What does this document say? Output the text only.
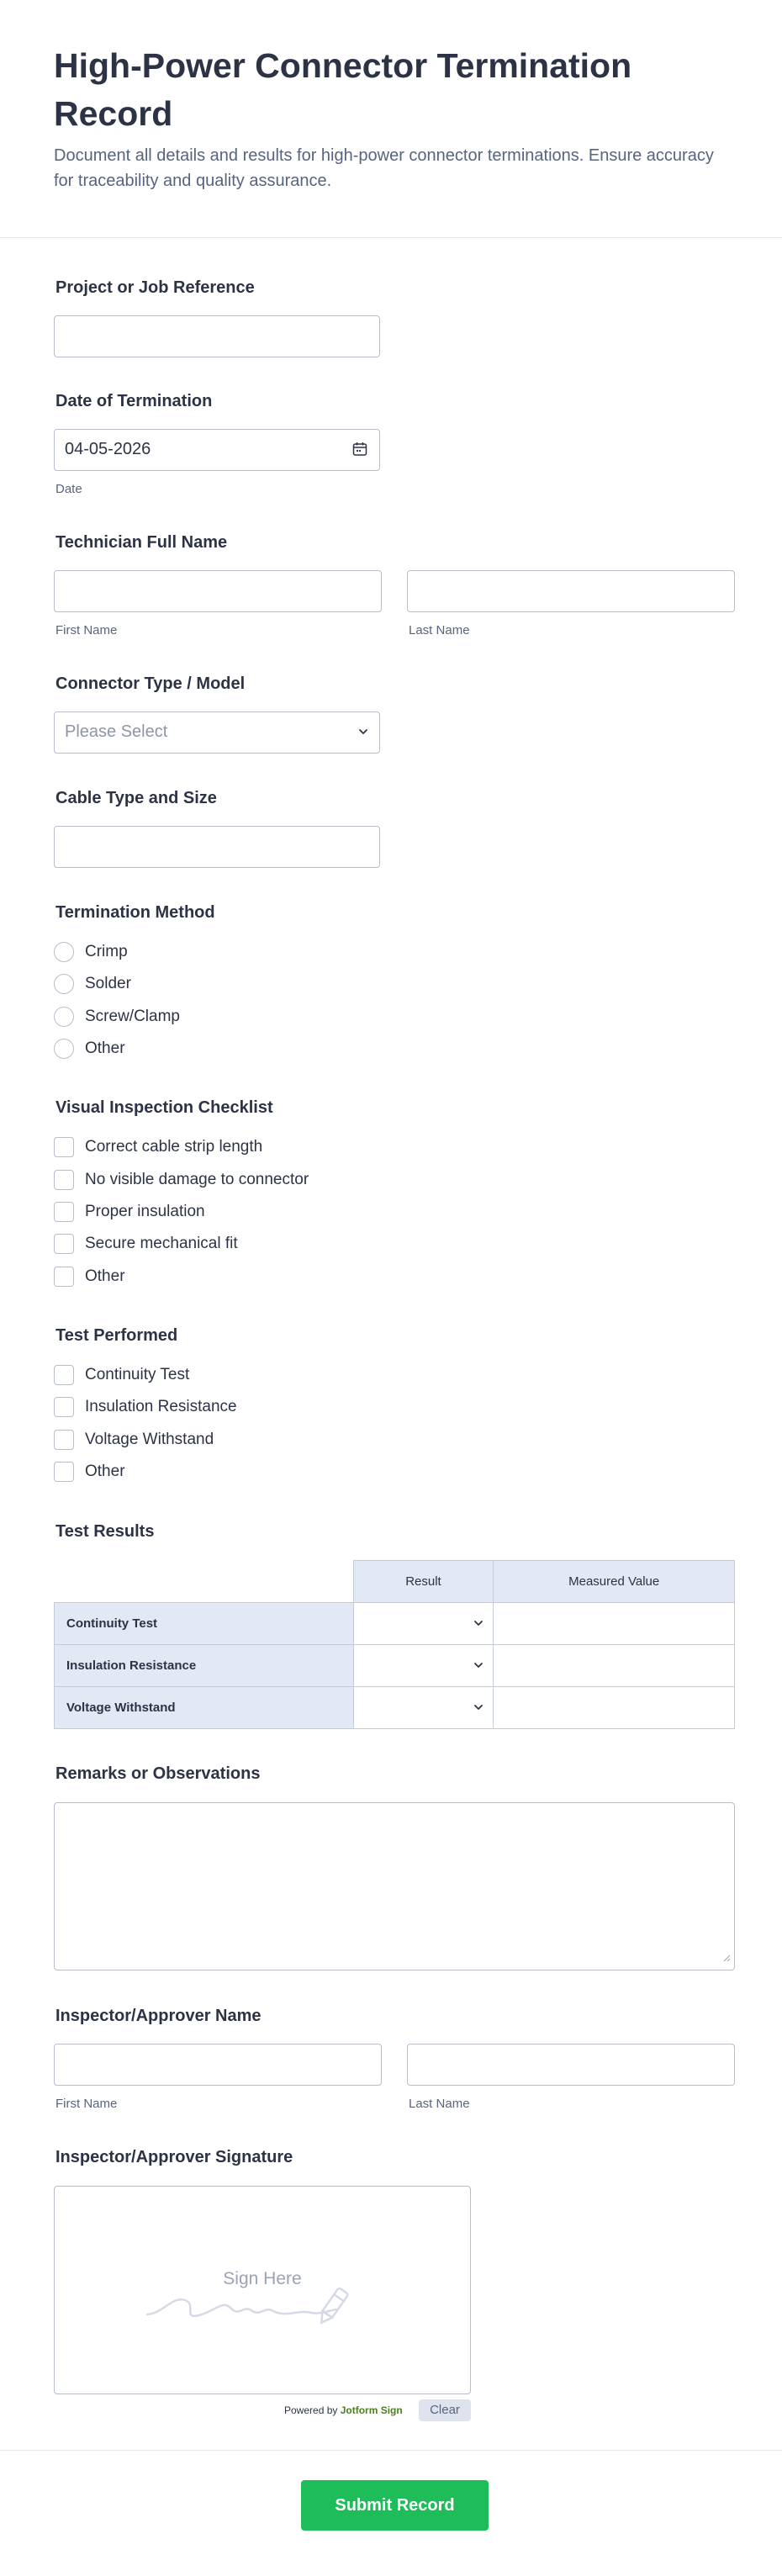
High-Power Connector Termination Record
Document all details and results for high-power connector terminations. Ensure accuracy for traceability and quality assurance.
Project or Job Reference
Date of Termination
04-05-2026
Date
Technician Full Name
First Name	Last Name
Connector Type / Model
Please Select
Cable Type and Size
Termination Method
Crimp
Solder
Screw/Clamp
Other
Visual Inspection Checklist
Correct cable strip length
No visible damage to connector
Proper insulation
Secure mechanical fit
Other
Test Performed
Continuity Test
Insulation Resistance
Voltage Withstand
Other
Test Results
	Result	Measured Value
Continuity Test	

Insulation Resistance	

Voltage Withstand	

Remarks or Observations
Inspector/Approver Name
First Name	Last Name
Inspector/Approver Signature
Sign Here
Powered by Jotform Sign	Clear
Submit Record
